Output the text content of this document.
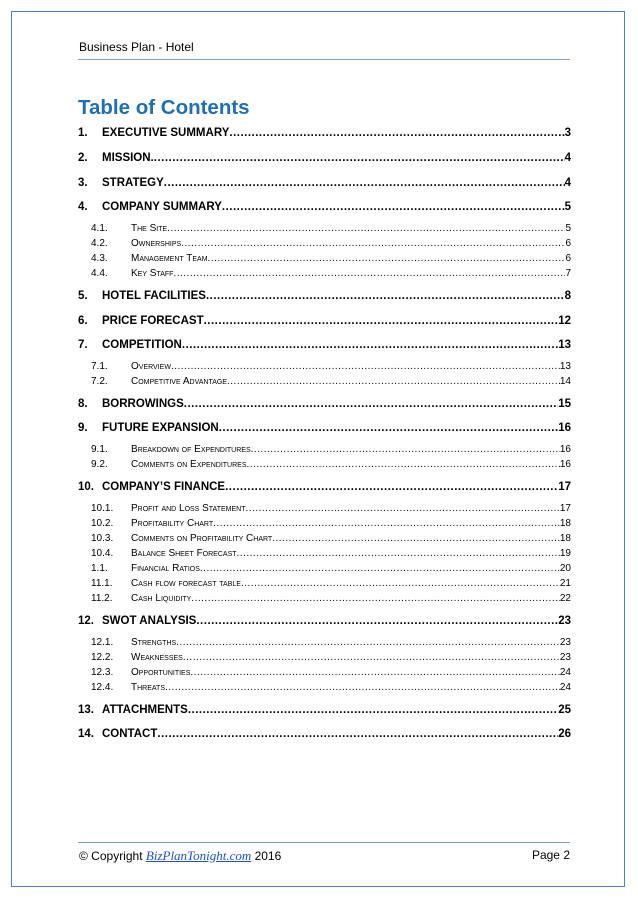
Business Plan - Hotel
Table of Contents
1.	EXECUTIVE SUMMARY .....	3
2.	MISSION. .....	4
3.	STRATEGY .....	4
4.	COMPANY SUMMARY .....	5
4.1.	The Site .....	5
4.2.	Ownerships .....	6
4.3.	Management Team .....	6
4.4.	Key Staff .....	7
5.	HOTEL FACILITIES .....	8
6.	PRICE FORECAST .....	12
7.	COMPETITION .....	13
7.1.	Overview .....	13
7.2.	Competitive Advantage .....	14
8.	BORROWINGS .....	15
9.	FUTURE EXPANSION .....	16
9.1.	Breakdown of Expenditures .....	16
9.2.	Comments on Expenditures .....	16
10. COMPANY’S FINANCE .....	17
10.1.	Profit and Loss Statement .....	17
10.2.	Profitability Chart .....	18
10.3.	Comments on Profitability Chart .....	18
10.4.	Balance Sheet Forecast .....	19
1.1.	Financial Ratios .....	20
11.1.	Cash flow forecast table .....	21
11.2.	Cash Liquidity .....	22
12. SWOT ANALYSIS .....	23
12.1.	Strengths .....	23
12.2.	Weaknesses .....	23
12.3.	Opportunities .....	24
12.4.	Threats .....	24
13. ATTACHMENTS .....	25
14. CONTACT .....	26
© Copyright BizPlanTonight.com 2016	Page 2
